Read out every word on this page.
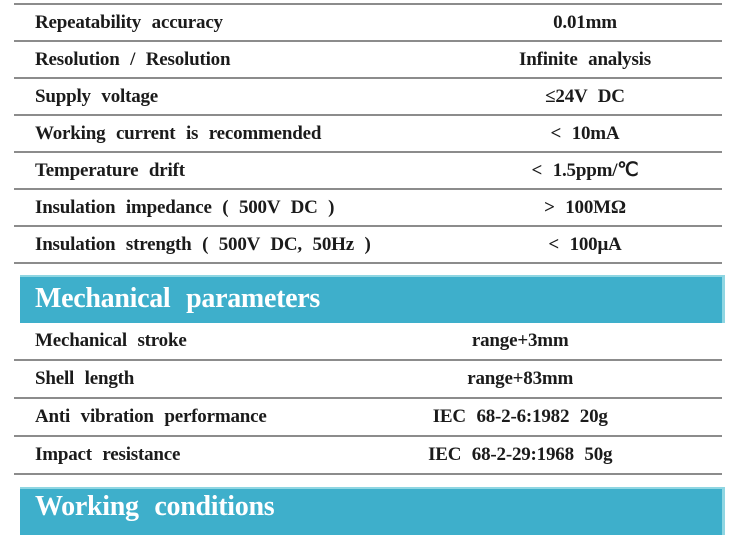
Repeatability accuracy	0.01mm
Resolution / Resolution	Infinite analysis
Supply voltage	≤24V DC
Working current is recommended	< 10mA
Temperature drift	< 1.5ppm/℃
Insulation impedance ( 500V DC )	> 100MΩ
Insulation strength ( 500V DC, 50Hz )	< 100μA
Mechanical parameters
Mechanical stroke	range+3mm
Shell length	range+83mm
Anti vibration performance	IEC 68-2-6:1982 20g
Impact resistance	IEC 68-2-29:1968 50g
Working conditions
